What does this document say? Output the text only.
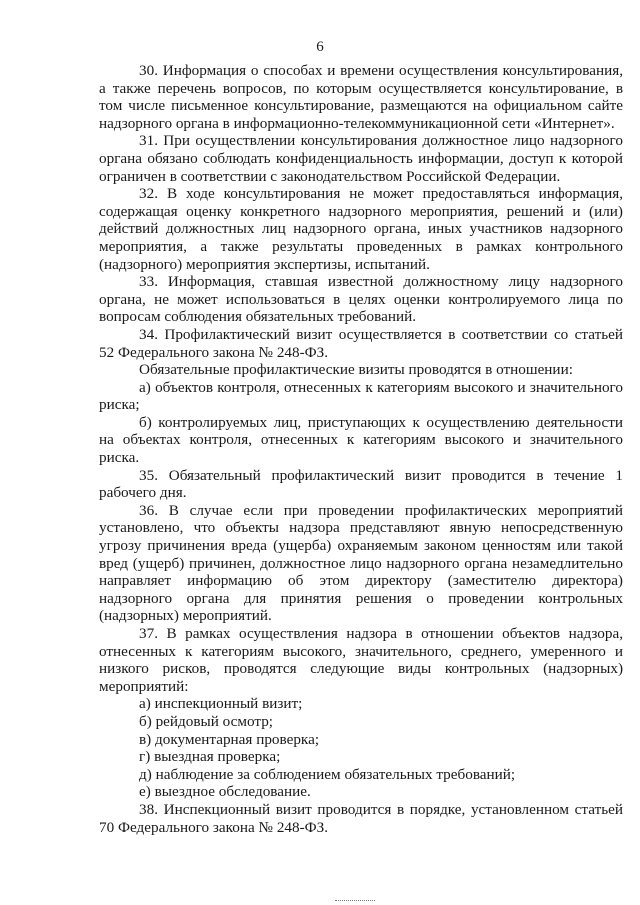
6

30. Информация о способах и времени осуществления консультирования, а также перечень вопросов, по которым осуществляется консультирование, в том числе письменное консультирование, размещаются на официальном сайте надзорного органа в информационно-телекоммуникационной сети «Интернет».

31. При осуществлении консультирования должностное лицо надзорного органа обязано соблюдать конфиденциальность информации, доступ к которой ограничен в соответствии с законодательством Российской Федерации.

32. В ходе консультирования не может предоставляться информация, содержащая оценку конкретного надзорного мероприятия, решений и (или) действий должностных лиц надзорного органа, иных участников надзорного мероприятия, а также результаты проведенных в рамках контрольного (надзорного) мероприятия экспертизы, испытаний.

33. Информация, ставшая известной должностному лицу надзорного органа, не может использоваться в целях оценки контролируемого лица по вопросам соблюдения обязательных требований.

34. Профилактический визит осуществляется в соответствии со статьей 52 Федерального закона № 248-ФЗ.

Обязательные профилактические визиты проводятся в отношении:

а) объектов контроля, отнесенных к категориям высокого и значительного риска;

б) контролируемых лиц, приступающих к осуществлению деятельности на объектах контроля, отнесенных к категориям высокого и значительного риска.

35. Обязательный профилактический визит проводится в течение 1 рабочего дня.

36. В случае если при проведении профилактических мероприятий установлено, что объекты надзора представляют явную непосредственную угрозу причинения вреда (ущерба) охраняемым законом ценностям или такой вред (ущерб) причинен, должностное лицо надзорного органа незамедлительно направляет информацию об этом директору (заместителю директора) надзорного органа для принятия решения о проведении контрольных (надзорных) мероприятий.

37. В рамках осуществления надзора в отношении объектов надзора, отнесенных к категориям высокого, значительного, среднего, умеренного и низкого рисков, проводятся следующие виды контрольных (надзорных) мероприятий:

а) инспекционный визит;

б) рейдовый осмотр;

в) документарная проверка;

г) выездная проверка;

д) наблюдение за соблюдением обязательных требований;

е) выездное обследование.

38. Инспекционный визит проводится в порядке, установленном статьей 70 Федерального закона № 248-ФЗ.
